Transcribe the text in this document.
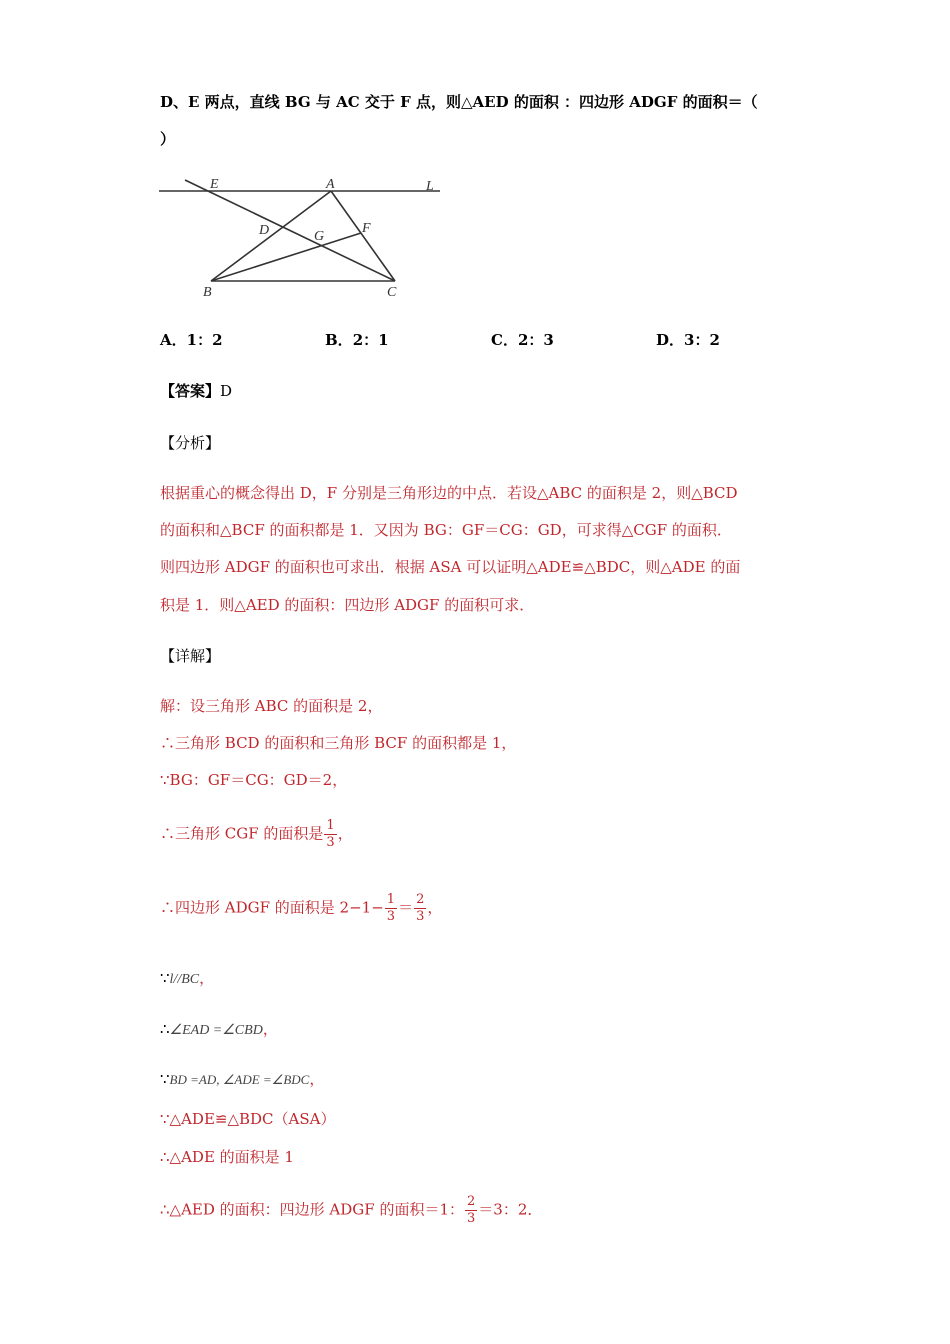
D、E 两点，直线 BG 与 AC 交于 F 点，则△AED 的面积 ：四边形 ADGF 的面积＝（
）
E	A	L
D	G
F
B	C
A．1：2	B．2：1	C．2：3	D．3：2
【答案】D
【分析】
根据重心的概念得出 D，F 分别是三角形边的中点．若设△ABC 的面积是 2，则△BCD
的面积和△BCF 的面积都是 1．又因为 BG：GF＝CG：GD，可求得△CGF 的面积．
则四边形 ADGF 的面积也可求出．根据 ASA 可以证明△ADE≌△BDC，则△ADE 的面
积是 1．则△AED 的面积：四边形 ADGF 的面积可求．
【详解】
解：设三角形 ABC 的面积是 2，
∴三角形 BCD 的面积和三角形 BCF 的面积都是 1，
∵BG：GF＝CG：GD＝2，
∴三角形 CGF 的面积是 $\frac{1}{3}$ ，
∴四边形 ADGF 的面积是 $2-1- \frac{1}{3} = \frac{2}{3}$ ，
∵l//BC，
∴∠EAD =∠CBD，
∵BD =AD, ∠ADE =∠BDC，
∵△ADE≌△BDC（ASA）
∴△ADE 的面积是 1
∴△AED 的面积：四边形 ADGF 的面积＝1： $\frac{2}{3} =3$：2．
